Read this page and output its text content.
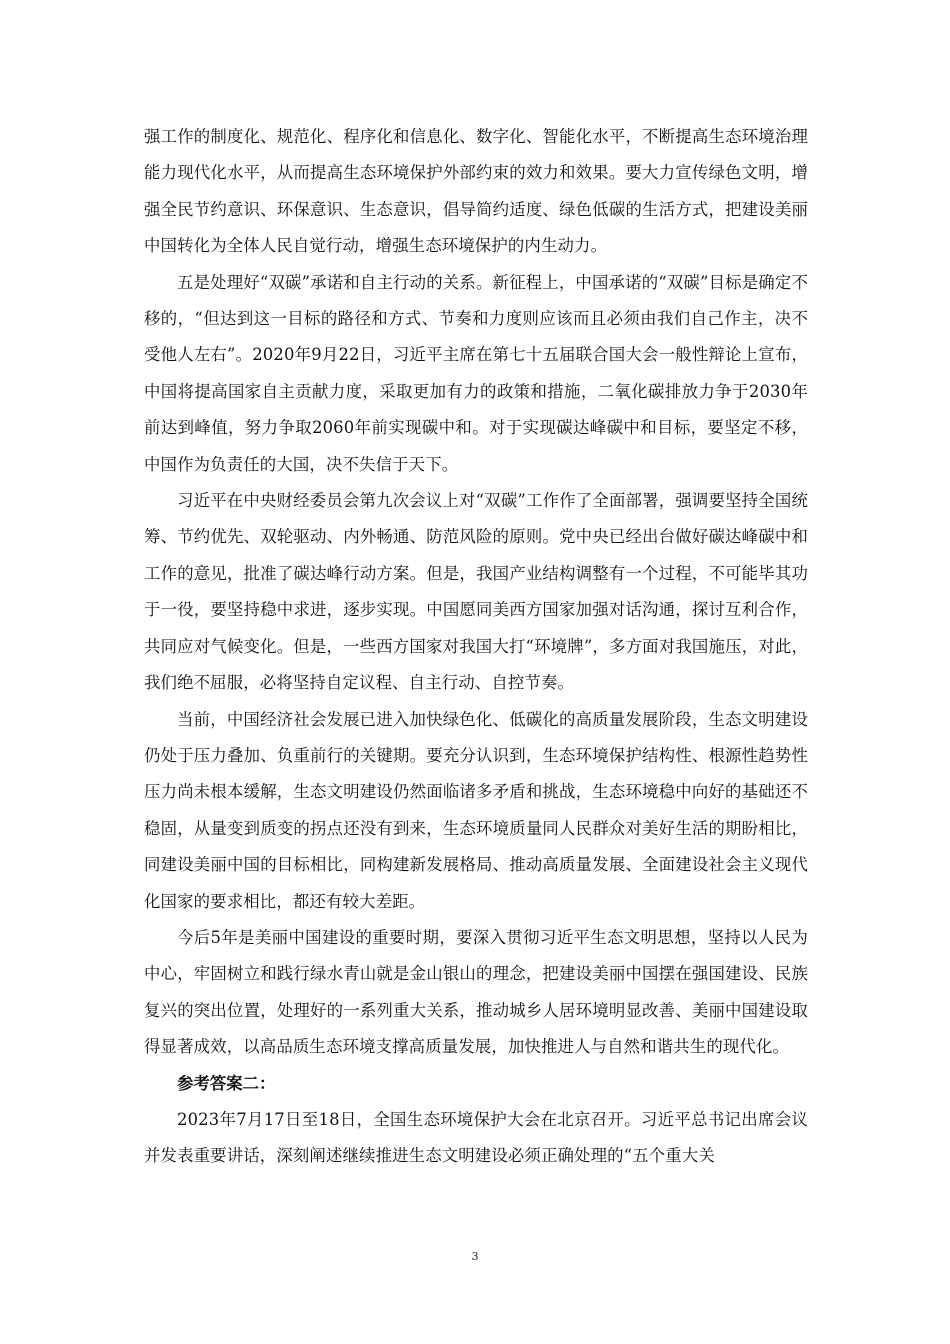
强工作的制度化、规范化、程序化和信息化、数字化、智能化水平，不断提高生态环境治理能力现代化水平，从而提高生态环境保护外部约束的效力和效果。要大力宣传绿色文明，增强全民节约意识、环保意识、生态意识，倡导简约适度、绿色低碳的生活方式，把建设美丽中国转化为全体人民自觉行动，增强生态环境保护的内生动力。

五是处理好“双碳”承诺和自主行动的关系。新征程上，中国承诺的“双碳”目标是确定不移的，“但达到这一目标的路径和方式、节奏和力度则应该而且必须由我们自己作主，决不受他人左右”。2020年9月22日，习近平主席在第七十五届联合国大会一般性辩论上宣布，中国将提高国家自主贡献力度，采取更加有力的政策和措施，二氧化碳排放力争于2030年前达到峰值，努力争取2060年前实现碳中和。对于实现碳达峰碳中和目标，要坚定不移，中国作为负责任的大国，决不失信于天下。

习近平在中央财经委员会第九次会议上对“双碳”工作作了全面部署，强调要坚持全国统筹、节约优先、双轮驱动、内外畅通、防范风险的原则。党中央已经出台做好碳达峰碳中和工作的意见，批准了碳达峰行动方案。但是，我国产业结构调整有一个过程，不可能毕其功于一役，要坚持稳中求进，逐步实现。中国愿同美西方国家加强对话沟通，探讨互利合作，共同应对气候变化。但是，一些西方国家对我国大打“环境牌”，多方面对我国施压，对此，我们绝不屈服，必将坚持自定议程、自主行动、自控节奏。

当前，中国经济社会发展已进入加快绿色化、低碳化的高质量发展阶段，生态文明建设仍处于压力叠加、负重前行的关键期。要充分认识到，生态环境保护结构性、根源性趋势性压力尚未根本缓解，生态文明建设仍然面临诸多矛盾和挑战，生态环境稳中向好的基础还不稳固，从量变到质变的拐点还没有到来，生态环境质量同人民群众对美好生活的期盼相比，同建设美丽中国的目标相比，同构建新发展格局、推动高质量发展、全面建设社会主义现代化国家的要求相比，都还有较大差距。

今后5年是美丽中国建设的重要时期，要深入贯彻习近平生态文明思想，坚持以人民为中心，牢固树立和践行绿水青山就是金山银山的理念，把建设美丽中国摆在强国建设、民族复兴的突出位置，处理好的一系列重大关系，推动城乡人居环境明显改善、美丽中国建设取得显著成效，以高品质生态环境支撑高质量发展，加快推进人与自然和谐共生的现代化。

参考答案二：

2023年7月17日至18日，全国生态环境保护大会在北京召开。习近平总书记出席会议并发表重要讲话，深刻阐述继续推进生态文明建设必须正确处理的“五个重大关

3
